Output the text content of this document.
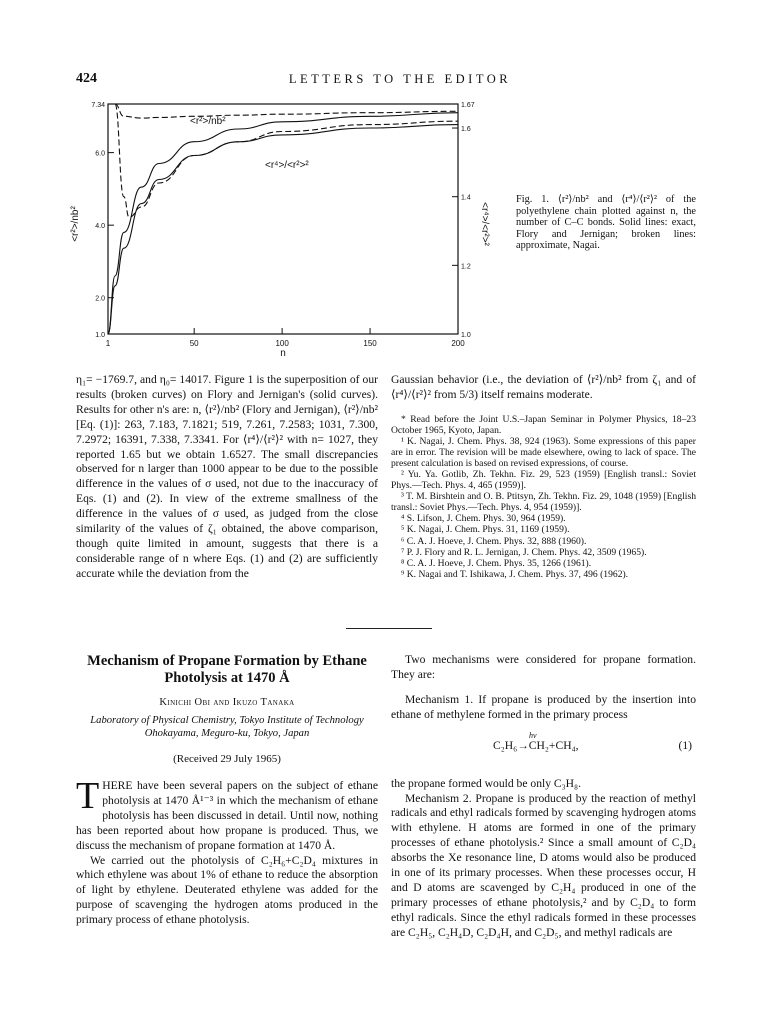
424	LETTERS TO THE EDITOR
1	50	100	150	200
1.0
2.0
4.0
6.0
7.34
1.0
1.2
1.4
1.6
1.67
<r²>/nb²	<r⁴>/<r²>²
n
<r²>/nb²
<r⁴>/<r²>²
Fig. 1. ⟨r²⟩/nb² and ⟨r⁴⟩/⟨r²⟩² of the polyethylene chain plotted against n, the number of C–C bonds. Solid lines: exact, Flory and Jernigan; broken lines: approximate, Nagai.

η₁= −1769.7, and η₀= 14017. Figure 1 is the superposition of our results (broken curves) on Flory and Jernigan's (solid curves). Results for other n's are: n, ⟨r²⟩/nb² (Flory and Jernigan), ⟨r²⟩/nb² [Eq. (1)]: 263, 7.183, 7.1821; 519, 7.261, 7.2583; 1031, 7.300, 7.2972; 16391, 7.338, 7.3341. For ⟨r⁴⟩/⟨r²⟩² with n= 1027, they reported 1.65 but we obtain 1.6527. The small discrepancies observed for n larger than 1000 appear to be due to the possible difference in the values of σ used, not due to the inaccuracy of Eqs. (1) and (2). In view of the extreme smallness of the difference in the values of σ used, as judged from the close similarity of the values of ζ₁ obtained, the above comparison, though quite limited in amount, suggests that there is a considerable range of n where Eqs. (1) and (2) are sufficiently accurate while the deviation from the

Gaussian behavior (i.e., the deviation of ⟨r²⟩/nb² from ζ₁ and of ⟨r⁴⟩/⟨r²⟩² from 5/3) itself remains moderate.

* Read before the Joint U.S.–Japan Seminar in Polymer Physics, 18–23 October 1965, Kyoto, Japan.
¹ K. Nagai, J. Chem. Phys. 38, 924 (1963). Some expressions of this paper are in error. The revision will be made elsewhere, owing to lack of space. The present calculation is based on revised expressions, of course.
² Yu. Ya. Gotlib, Zh. Tekhn. Fiz. 29, 523 (1959) [English transl.: Soviet Phys.—Tech. Phys. 4, 465 (1959)].
³ T. M. Birshtein and O. B. Ptitsyn, Zh. Tekhn. Fiz. 29, 1048 (1959) [English transl.: Soviet Phys.—Tech. Phys. 4, 954 (1959)].
⁴ S. Lifson, J. Chem. Phys. 30, 964 (1959).
⁵ K. Nagai, J. Chem. Phys. 31, 1169 (1959).
⁶ C. A. J. Hoeve, J. Chem. Phys. 32, 888 (1960).
⁷ P. J. Flory and R. L. Jernigan, J. Chem. Phys. 42, 3509 (1965).
⁸ C. A. J. Hoeve, J. Chem. Phys. 35, 1266 (1961).
⁹ K. Nagai and T. Ishikawa, J. Chem. Phys. 37, 496 (1962).
Mechanism of Propane Formation by Ethane Photolysis at 1470 Å
Kinichi Obi and Ikuzo Tanaka
Laboratory of Physical Chemistry, Tokyo Institute of Technology Ohokayama, Meguro-ku, Tokyo, Japan
(Received 29 July 1965)

THERE have been several papers on the subject of ethane photolysis at 1470 Å¹⁻³ in which the mechanism of ethane photolysis has been discussed in detail. Until now, nothing has been reported about how propane is produced. Thus, we discuss the mechanism of propane formation at 1470 Å.

We carried out the photolysis of C₂H₆+C₂D₄ mixtures in which ethylene was about 1% of ethane to reduce the absorption of light by ethylene. Deuterated ethylene was added for the purpose of scavenging the hydrogen atoms produced in the primary process of ethane photolysis.

Two mechanisms were considered for propane formation. They are:

Mechanism 1. If propane is produced by the insertion into ethane of methylene formed in the primary process

hν
C₂H₆→CH₂+CH₄,	(1)

the propane formed would be only C₃H₈.

Mechanism 2. Propane is produced by the reaction of methyl radicals and ethyl radicals formed by scavenging hydrogen atoms with ethylene. H atoms are formed in one of the primary processes of ethane photolysis.² Since a small amount of C₂D₄ absorbs the Xe resonance line, D atoms would also be produced in one of its primary processes. When these processes occur, H and D atoms are scavenged by C₂H₄ produced in one of the primary processes of ethane photolysis,² and by C₂D₄ to form ethyl radicals. Since the ethyl radicals formed in these processes are C₂H₅, C₂H₄D, C₂D₄H, and C₂D₅, and methyl radicals are
